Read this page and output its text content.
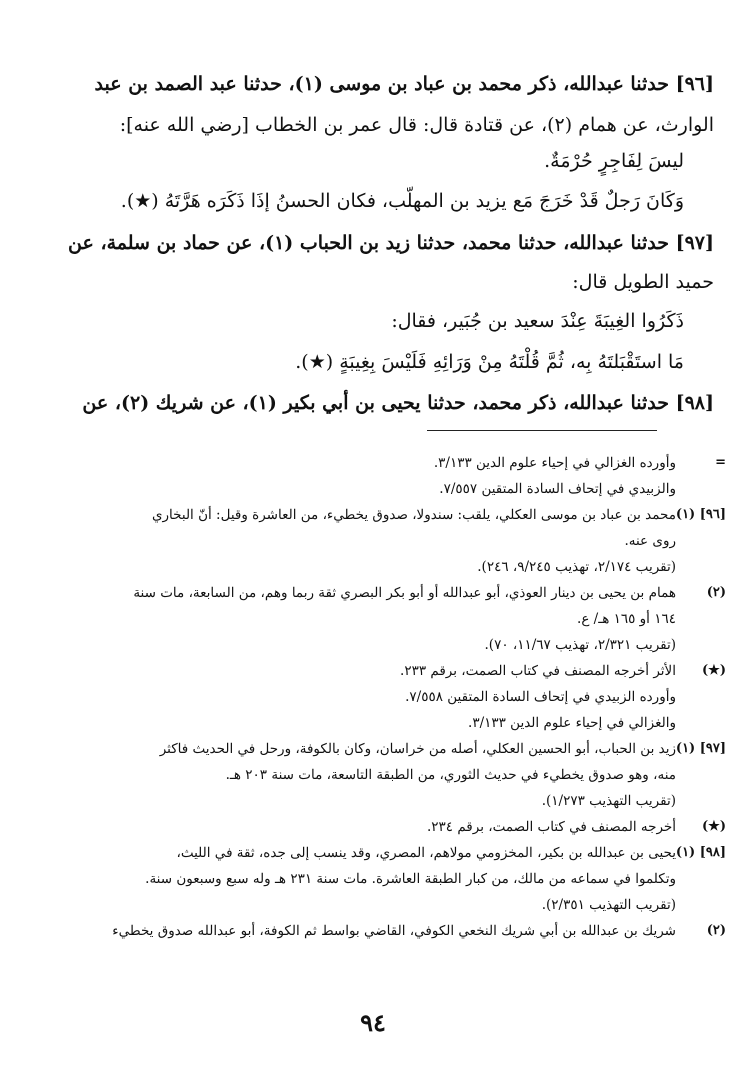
[٩٦] حدثنا عبدالله، ذكر محمد بن عباد بن موسى (١)، حدثنا عبد الصمد بن عبد
الوارث، عن همام (٢)، عن قتادة قال: قال عمر بن الخطاب [رضي الله عنه]:
ليسَ لِفَاجِرٍ حُرْمَةٌ.
وَكَانَ رَجلٌ قَدْ خَرَجَ مَع يزيد بن المهلّب، فكان الحسنُ إذَا ذَكَرَه هَرَّتَهُ (★).
[٩٧] حدثنا عبدالله، حدثنا محمد، حدثنا زيد بن الحباب (١)، عن حماد بن سلمة، عن
حميد الطويل قال:
ذَكَرُوا الغِيبَةَ عِنْدَ سعيد بن جُبَير، فقال:
مَا استَقْبَلتَهُ بِه، ثُمَّ قُلْتَهُ مِنْ وَرَائِهِ فَلَيْسَ بِغِيبَةٍ (★).
[٩٨] حدثنا عبدالله، ذكر محمد، حدثنا يحيى بن أبي بكير (١)، عن شريك (٢)، عن
=
وأورده الغزالي في إحياء علوم الدين ٣/١٣٣.
والزبيدي في إتحاف السادة المتقين ٧/٥٥٧.
[٩٦] (١)
محمد بن عباد بن موسى العكلي، يلقب: سندولا، صدوق يخطيء، من العاشرة وقيل: أنّ البخاري
روى عنه.
(تقريب ٢/١٧٤، تهذيب ٩/٢٤٥، ٢٤٦).
(٢)
همام بن يحيى بن دينار العوذي، أبو عبدالله أو أبو بكر البصري ثقة ربما وهم، من السابعة، مات سنة
١٦٤ أو ١٦٥ هـ/ ع.
(تقريب ٢/٣٢١، تهذيب ١١/٦٧، ٧٠).
(★)
الأثر أخرجه المصنف في كتاب الصمت، برقم ٢٣٣.
وأورده الزبيدي في إتحاف السادة المتقين ٧/٥٥٨.
والغزالي في إحياء علوم الدين ٣/١٣٣.
[٩٧] (١)
زيد بن الحباب، أبو الحسين العكلي، أصله من خراسان، وكان بالكوفة، ورحل في الحديث فاكثر
منه، وهو صدوق يخطيء في حديث الثوري، من الطبقة التاسعة، مات سنة ٢٠٣ هـ.
(تقريب التهذيب ١/٢٧٣).
(★)
أخرجه المصنف في كتاب الصمت، برقم ٢٣٤.
[٩٨] (١)
يحيى بن عبدالله بن بكير، المخزومي مولاهم، المصري، وقد ينسب إلى جده، ثقة في الليث،
وتكلموا في سماعه من مالك، من كبار الطبقة العاشرة. مات سنة ٢٣١ هـ وله سبع وسبعون سنة.
(تقريب التهذيب ٢/٣٥١).
(٢)
شريك بن عبدالله بن أبي شريك النخعي الكوفي، القاضي بواسط ثم الكوفة، أبو عبدالله صدوق يخطيء
٩٤
